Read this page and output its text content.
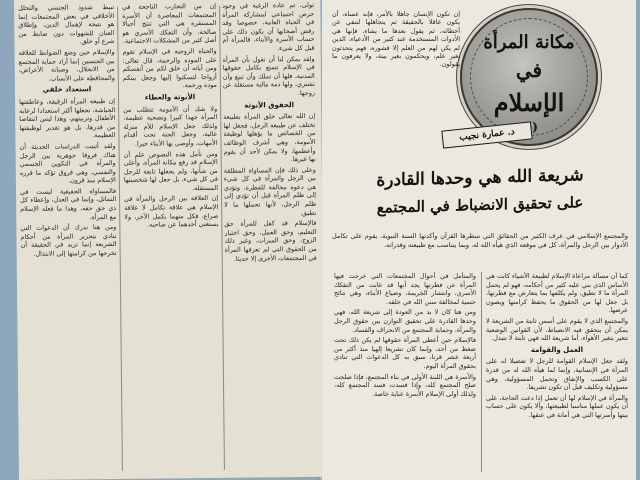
تولى، ثم عادة الرغبة في وجود حرص اجتماعي لمشاركة المرأة في الحياة العامة، خصوصا وقد رفض أصحابها أن يكون ذلك على حساب الأسرة والأبناء، فالمرأة أم قبل كل شيء.

ولقد يمكن لنا أن نقول بأن المرأة في الإسلام تتمتع بكامل حقوقها المدنية، فلها أن تملك وأن تبيع وأن تشتري، ولها ذمة مالية مستقلة عن زوجها.

الحقوق الأنوثة

إن الله تعالى خلق المرأة بطبيعة تختلف عن طبيعة الرجل، فجعل لها من الخصائص ما يؤهلها لوظيفة الأمومة، وهي أشرف الوظائف وأعظمها، ولا يمكن لأحد أن يقوم بها غيرها.

وعلى ذلك فإن المساواة المطلقة بين الرجل والمرأة في كل شيء هي دعوة مخالفة للفطرة، وتؤدي إلى ظلم المرأة قبل أن تؤدي إلى ظلم الرجل، لأنها تحملها ما لا تطيق.

فالإسلام قد كفل للمرأة حق التعليم، وحق العمل، وحق اختيار الزوج، وحق الميراث، وغير ذلك من الحقوق التي لم تعرفها المرأة في المجتمعات الأخرى إلا حديثا.

إن من التجارب الناجحة في المجتمعات المعاصرة أن الأسرة المستقرة هي التي تنتج أجيالا صالحة، وأن التفكك الأسري هو أصل كثير من المشكلات الاجتماعية.

والحياة الزوجية في الإسلام تقوم على المودة والرحمة، قال تعالى: ومن آياته أن خلق لكم من أنفسكم أزواجا لتسكنوا إليها وجعل بينكم مودة ورحمة.

الأنوثة والعطاء

ولا شك أن الأمومة تتطلب من المرأة جهدا كبيرا وتضحية عظيمة، ولذلك جعل الإسلام للأم منزلة عالية، وجعل الجنة تحت أقدام الأمهات، وأوصى بها الأبناء خيرا.

ومن تأمل هذه النصوص علم أن الإسلام قد رفع مكانة المرأة، وأعلى من شأنها، ولم يجعلها تابعة للرجل في كل شيء، بل جعل لها شخصيتها المستقلة.

إن العلاقة بين الرجل والمرأة في الإسلام هي علاقة تكامل لا علاقة صراع، فكل منهما يكمل الآخر، ولا يستغني أحدهما عن صاحبه.

تبيط شذوذ الجنسي والتحلل الأخلاقي في بعض المجتمعات إنما هو نتيجة لإهمال الدين، وإطلاق العنان للشهوات دون ضابط من شرع أو خلق.

والإسلام حين وضع الضوابط للعلاقة بين الجنسين إنما أراد حماية المجتمع من الانحلال، وصيانة الأعراض، والمحافظة على الأنساب.

استعداد خلقي

إن طبيعة المرأة الرقيقة، وعاطفتها الجياشة، تجعلها أكثر استعدادا لرعاية الأطفال وتربيتهم، وهذا ليس انتقاصا من قدرها، بل هو تقدير لوظيفتها العظيمة.

ولقد أثبتت الدراسات الحديثة أن هناك فروقا جوهرية بين الرجل والمرأة في التكوين الجسمي والنفسي، وهي فروق تؤكد ما قرره الإسلام منذ قرون.

فالمساواة الحقيقية ليست في التماثل، وإنما في العدل، وإعطاء كل ذي حق حقه، وهذا ما فعله الإسلام مع المرأة.

ومن هنا ندرك أن الدعوات التي تنادي بتحرير المرأة من أحكام الشريعة إنما تريد في الحقيقة أن تخرجها من كرامتها إلى الابتذال.

مكانة المرأة
في
الإسلام
(
د. عمارة نجيب
إن تكون الإنسان جاهلا بالأمر، فإنه عساه، أن يكون عاقلا بالحقيقة ثم يتجاهلها لتنفي عن أخطائه، ثم يقول بعدها ما يشاء، فإنها هي الأدوات المستخدمة عند كثير من الأدعياء، الذين لم يكن لهم من العلم إلا قشوره، فهم يتحدثون بغير علم، ويحكمون بغير بينة، ولا يعرفون ما يقولون.
شريعة الله هي وحدها القادرة
على تحقيق الانضباط في المجتمع
والمجتمع الإسلامي في عرف الكثير من الحقائق التي سطرها القرآن وأكدتها السنة النبوية، يقوم على تكامل الأدوار بين الرجل والمرأة، كل في موقعه الذي هيأه الله له، وبما يتناسب مع طبيعته وقدراته.

كما أن مسألة مراعاة الإسلام لطبيعة الأشياء كانت هي الأساس الذي بني عليه كثير من أحكامه، فهو لم يحمل المرأة ما لا تطيق، ولم يكلفها بما يتعارض مع فطرتها، بل جعل لها من الحقوق ما يحفظ كرامتها ويصون عرضها.

والمجتمع الذي لا يقوم على أسس ثابتة من الشريعة لا يمكن أن يتحقق فيه الانضباط، لأن القوانين الوضعية تتغير بتغير الأهواء، أما شريعة الله فهي ثابتة لا تتبدل.

العمل والقوامة

ولقد جعل الإسلام القوامة للرجل لا تفضيلا له على المرأة في الإنسانية، وإنما لما هيأه الله له من قدرة على الكسب والإنفاق وتحمل المسؤولية، وهي مسؤولية وتكليف قبل أن تكون تشريفا.

والمرأة في الإسلام لها أن تعمل إذا دعت الحاجة، على أن يكون عملها مناسبا لطبيعتها، وألا يكون على حساب بيتها وأسرتها التي هي أمانة في عنقها.

والمتأمل في أحوال المجتمعات التي خرجت فيها المرأة عن فطرتها يجد أنها قد عانت من التفكك الأسري، وانتشار الجريمة، وضياع الأبناء، وهي نتائج حتمية لمخالفة سنن الله في خلقه.

ومن هنا كان لا بد من العودة إلى شريعة الله، فهي وحدها القادرة على تحقيق التوازن بين حقوق الرجل والمرأة، وحماية المجتمع من الانحراف والفساد.

فالإسلام حين أعطى المرأة حقوقها لم يكن ذلك تحت ضغط من أحد، وإنما كان تشريعا إلهيا منذ أكثر من أربعة عشر قرنا، سبق به كل الدعوات التي تنادي بحقوق المرأة اليوم.

والأسرة هي اللبنة الأولى في بناء المجتمع، فإذا صلحت صلح المجتمع كله، وإذا فسدت فسد المجتمع كله، ولذلك أولى الإسلام الأسرة عناية خاصة.
